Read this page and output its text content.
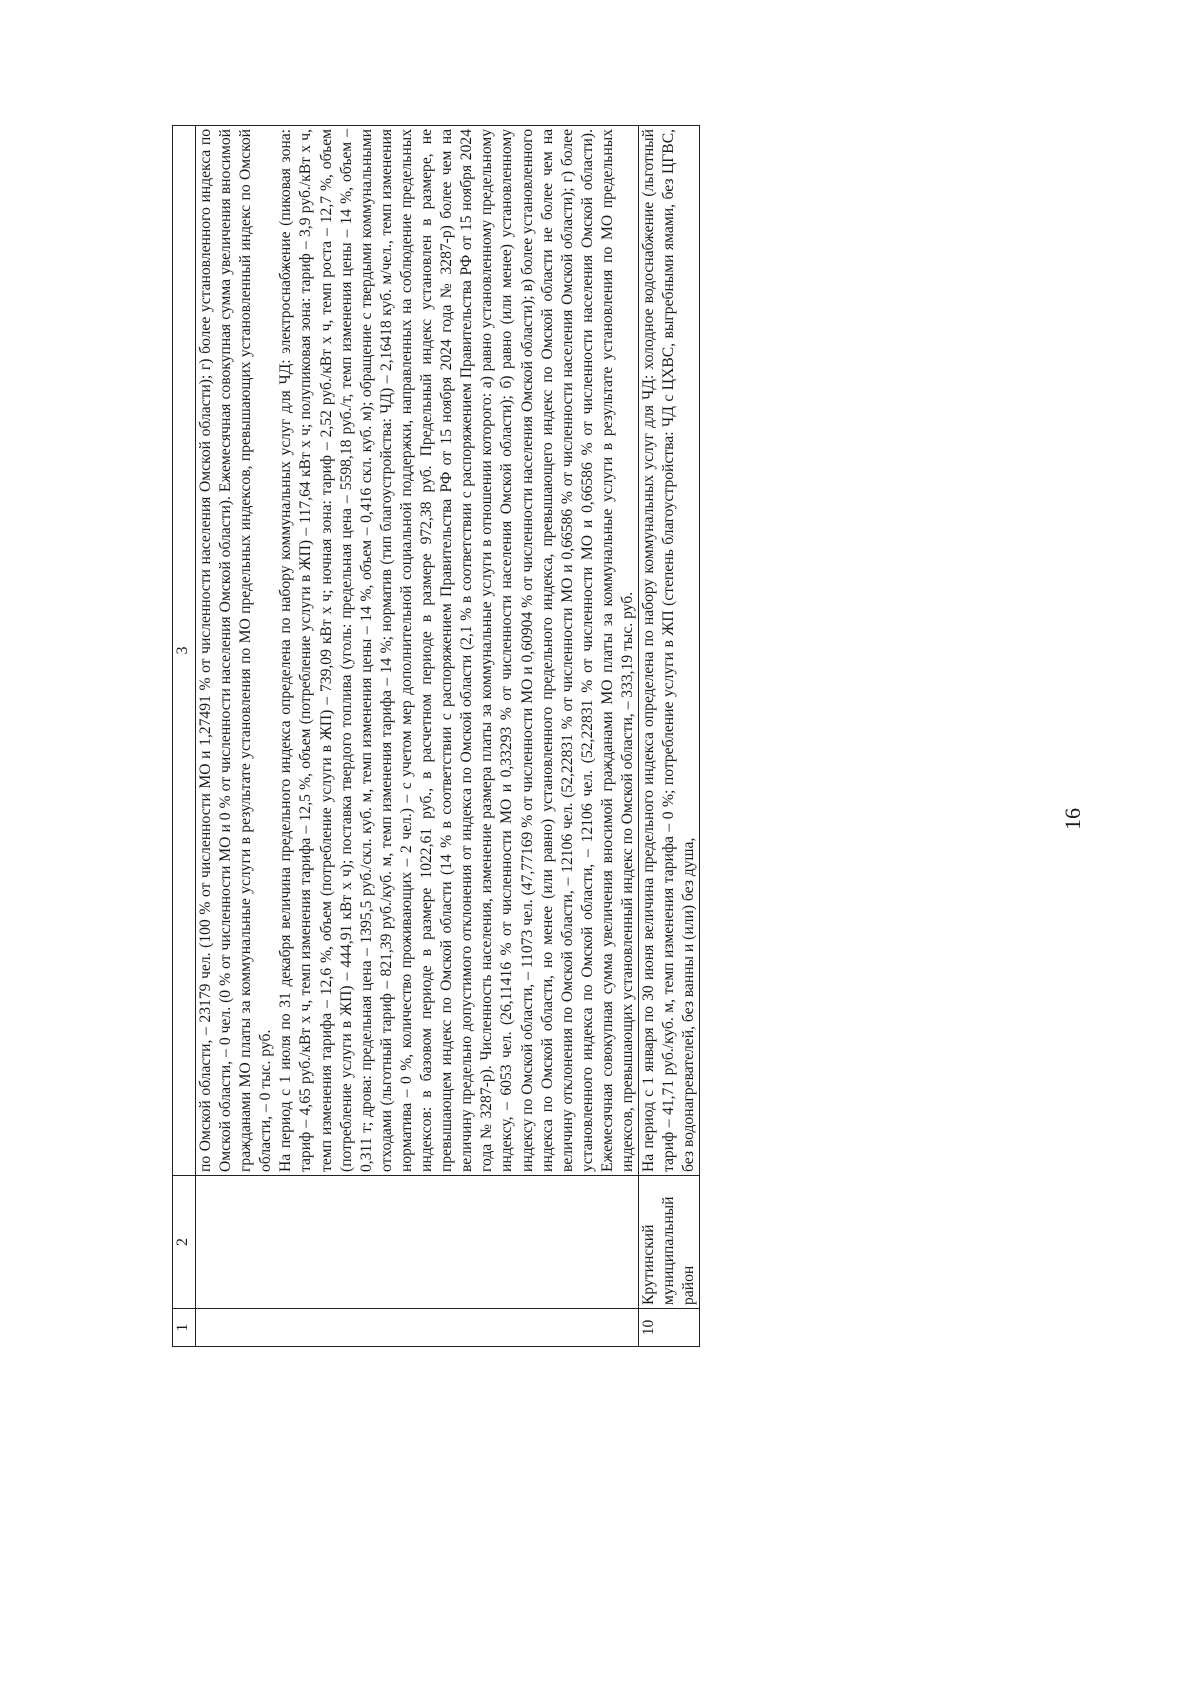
16
1	2	3

		по Омской области, – 23179 чел. (100 % от численности МО и 1,27491 % от численности населения Омской области); г) более установленного индекса по Омской области, – 0 чел. (0 % от численности МО и 0 % от численности населения Омской области). Ежемесячная совокупная сумма увеличения вносимой гражданами МО платы за коммунальные услуги в результате установления по МО предельных индексов, превышающих установленный индекс по Омской области, – 0 тыс. руб. На период с 1 июля по 31 декабря величина предельного индекса определена по набору коммунальных услуг для ЧД: электроснабжение (пиковая зона: тариф – 4,65 руб./кВт х ч, темп изменения тарифа – 12,5 %, объем (потребление услуги в ЖП) – 117,64 кВт х ч; полупиковая зона: тариф – 3,9 руб./кВт х ч, темп изменения тарифа – 12,6 %, объем (потребление услуги в ЖП) – 739,09 кВт х ч; ночная зона: тариф – 2,52 руб./кВт х ч, темп роста – 12,7 %, объем (потребление услуги в ЖП) – 444,91 кВт х ч); поставка твердого топлива (уголь: предельная цена – 5598,18 руб./т, темп изменения цены – 14 %, объем – 0,311 т; дрова: предельная цена – 1395,5 руб./скл. куб. м, темп изменения цены – 14 %, объем – 0,416 скл. куб. м); обращение с твердыми коммунальными отходами (льготный тариф – 821,39 руб./куб. м, темп изменения тарифа – 14 %; норматив (тип благоустройства: ЧД) – 2,16418 куб. м/чел., темп изменения норматива – 0 %, количество проживающих – 2 чел.) – с учетом мер дополнительной социальной поддержки, направленных на соблюдение предельных индексов: в базовом периоде в размере 1022,61 руб., в расчетном периоде в размере 972,38 руб. Предельный индекс установлен в размере, не превышающем индекс по Омской области (14 % в соответствии с распоряжением Правительства РФ от 15 ноября 2024 года № 3287-р) более чем на величину предельно допустимого отклонения от индекса по Омской области (2,1 % в соответствии с распоряжением Правительства РФ от 15 ноября 2024 года № 3287-р). Численность населения, изменение размера платы за коммунальные услуги в отношении которого: а) равно установленному предельному индексу, – 6053 чел. (26,11416 % от численности МО и 0,33293 % от численности населения Омской области); б) равно (или менее) установленному индексу по Омской области, – 11073 чел. (47,77169 % от численности МО и 0,60904 % от численности населения Омской области); в) более установленного индекса по Омской области, но менее (или равно) установленного предельного индекса, превышающего индекс по Омской области не более чем на величину отклонения по Омской области, – 12106 чел. (52,22831 % от численности МО и 0,66586 % от численности населения Омской области); г) более установленного индекса по Омской области, – 12106 чел. (52,22831 % от численности МО и 0,66586 % от численности населения Омской области). Ежемесячная совокупная сумма увеличения вносимой гражданами МО платы за коммунальные услуги в результате установления по МО предельных индексов, превышающих установленный индекс по Омской области, – 333,19 тыс. руб.

10	Крутинский муниципальный район	На период с 1 января по 30 июня величина предельного индекса определена по набору коммунальных услуг для ЧД: холодное водоснабжение (льготный тариф – 41,71 руб./куб. м, темп изменения тарифа – 0 %; потребление услуги в ЖП (степень благоустройства: ЧД с ЦХВС, выгребными ямами, без ЦГВС, без водонагревателей, без ванны и (или) без душа,
